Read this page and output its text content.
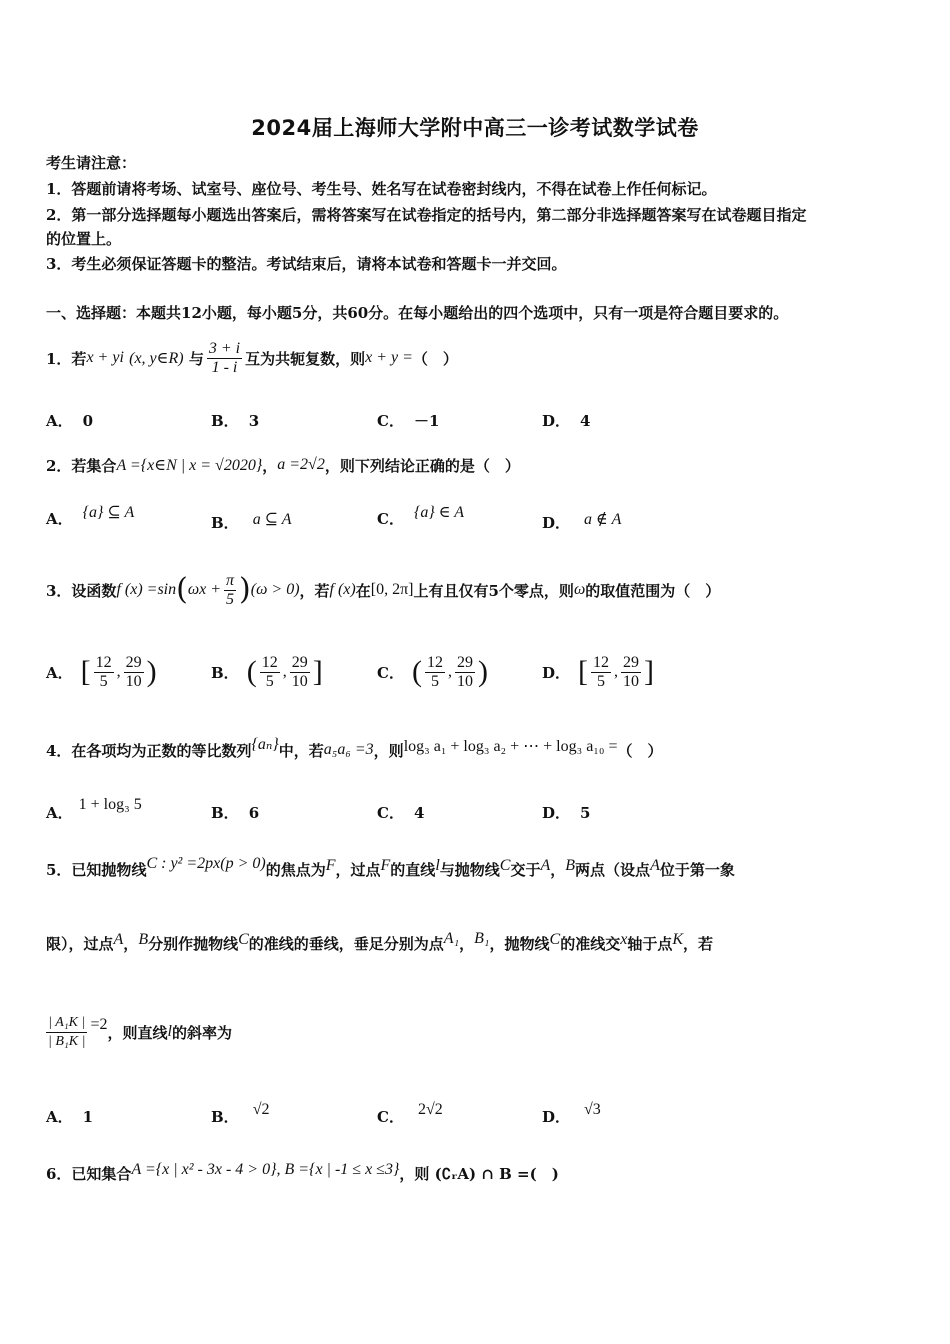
2024届上海师大学附中高三一诊考试数学试卷
考生请注意：
1．答题前请将考场、试室号、座位号、考生号、姓名写在试卷密封线内，不得在试卷上作任何标记。
2．第一部分选择题每小题选出答案后，需将答案写在试卷指定的括号内，第二部分非选择题答案写在试卷题目指定
的位置上。
3．考生必须保证答题卡的整洁。考试结束后，请将本试卷和答题卡一并交回。
一、选择题：本题共12小题，每小题5分，共60分。在每小题给出的四个选项中，只有一项是符合题目要求的。
1．若 x + yi
(x, y∈R)
与 $\frac{3 + i}{1 - i}$ 互为共轭复数，则 x + y = （　）
A． 0	B． 3	C． －1	D． 4
2．若集合 A ={x∈N | x = √2020} ， a =2√2 ，则下列结论正确的是（　）
A． {a} ⊆ A
B． a ⊆ A	C． {a} ∈ A
D． a ∉ A
3．设函数 f (x) =sin ( $\omega x + \frac{\pi}{5}$ ) (ω > 0) ，若 f (x) 在 [0, 2π] 上有且仅有5个零点，则 ω 的取值范围为（　）
A． [ $\frac{12}{5}$ , $\frac{29}{10}$ )	B． ( $\frac{12}{5}$ , $\frac{29}{10}$ ]	C． ( $\frac{12}{5}$ , $\frac{29}{10}$ )	D． [ $\frac{12}{5}$ , $\frac{29}{10}$ ]
4．在各项均为正数的等比数列 {aₙ} 中，若 a₅a₆ =3 ，则 log₃ a₁ + log₃ a₂ + ⋯ + log₃ a₁₀ = （　）
A． 1 + log₃ 5	B． 6	C． 4	D． 5
5．已知抛物线 C : y² =2px(p > 0) 的焦点为 F ，过点 F 的直线 l 与抛物线 C 交于 A ， B 两点（设点 A 位于第一象
限），过点 A ， B 分别作抛物线 C 的准线的垂线，垂足分别为点 A₁ ， B₁ ，抛物线 C 的准线交 x 轴于点 K ，若
$\frac{\text{| A₁K |}}{\text{| B₁K |}} =2$ ，则直线 l 的斜率为
A． 1	B． √2	C． 2√2	D． √3
6．已知集合 A ={x | x² - 3x - 4 > 0} , B ={x | -1 ≤ x ≤3} ，则 (∁ᵣA) ∩ B =(　)
